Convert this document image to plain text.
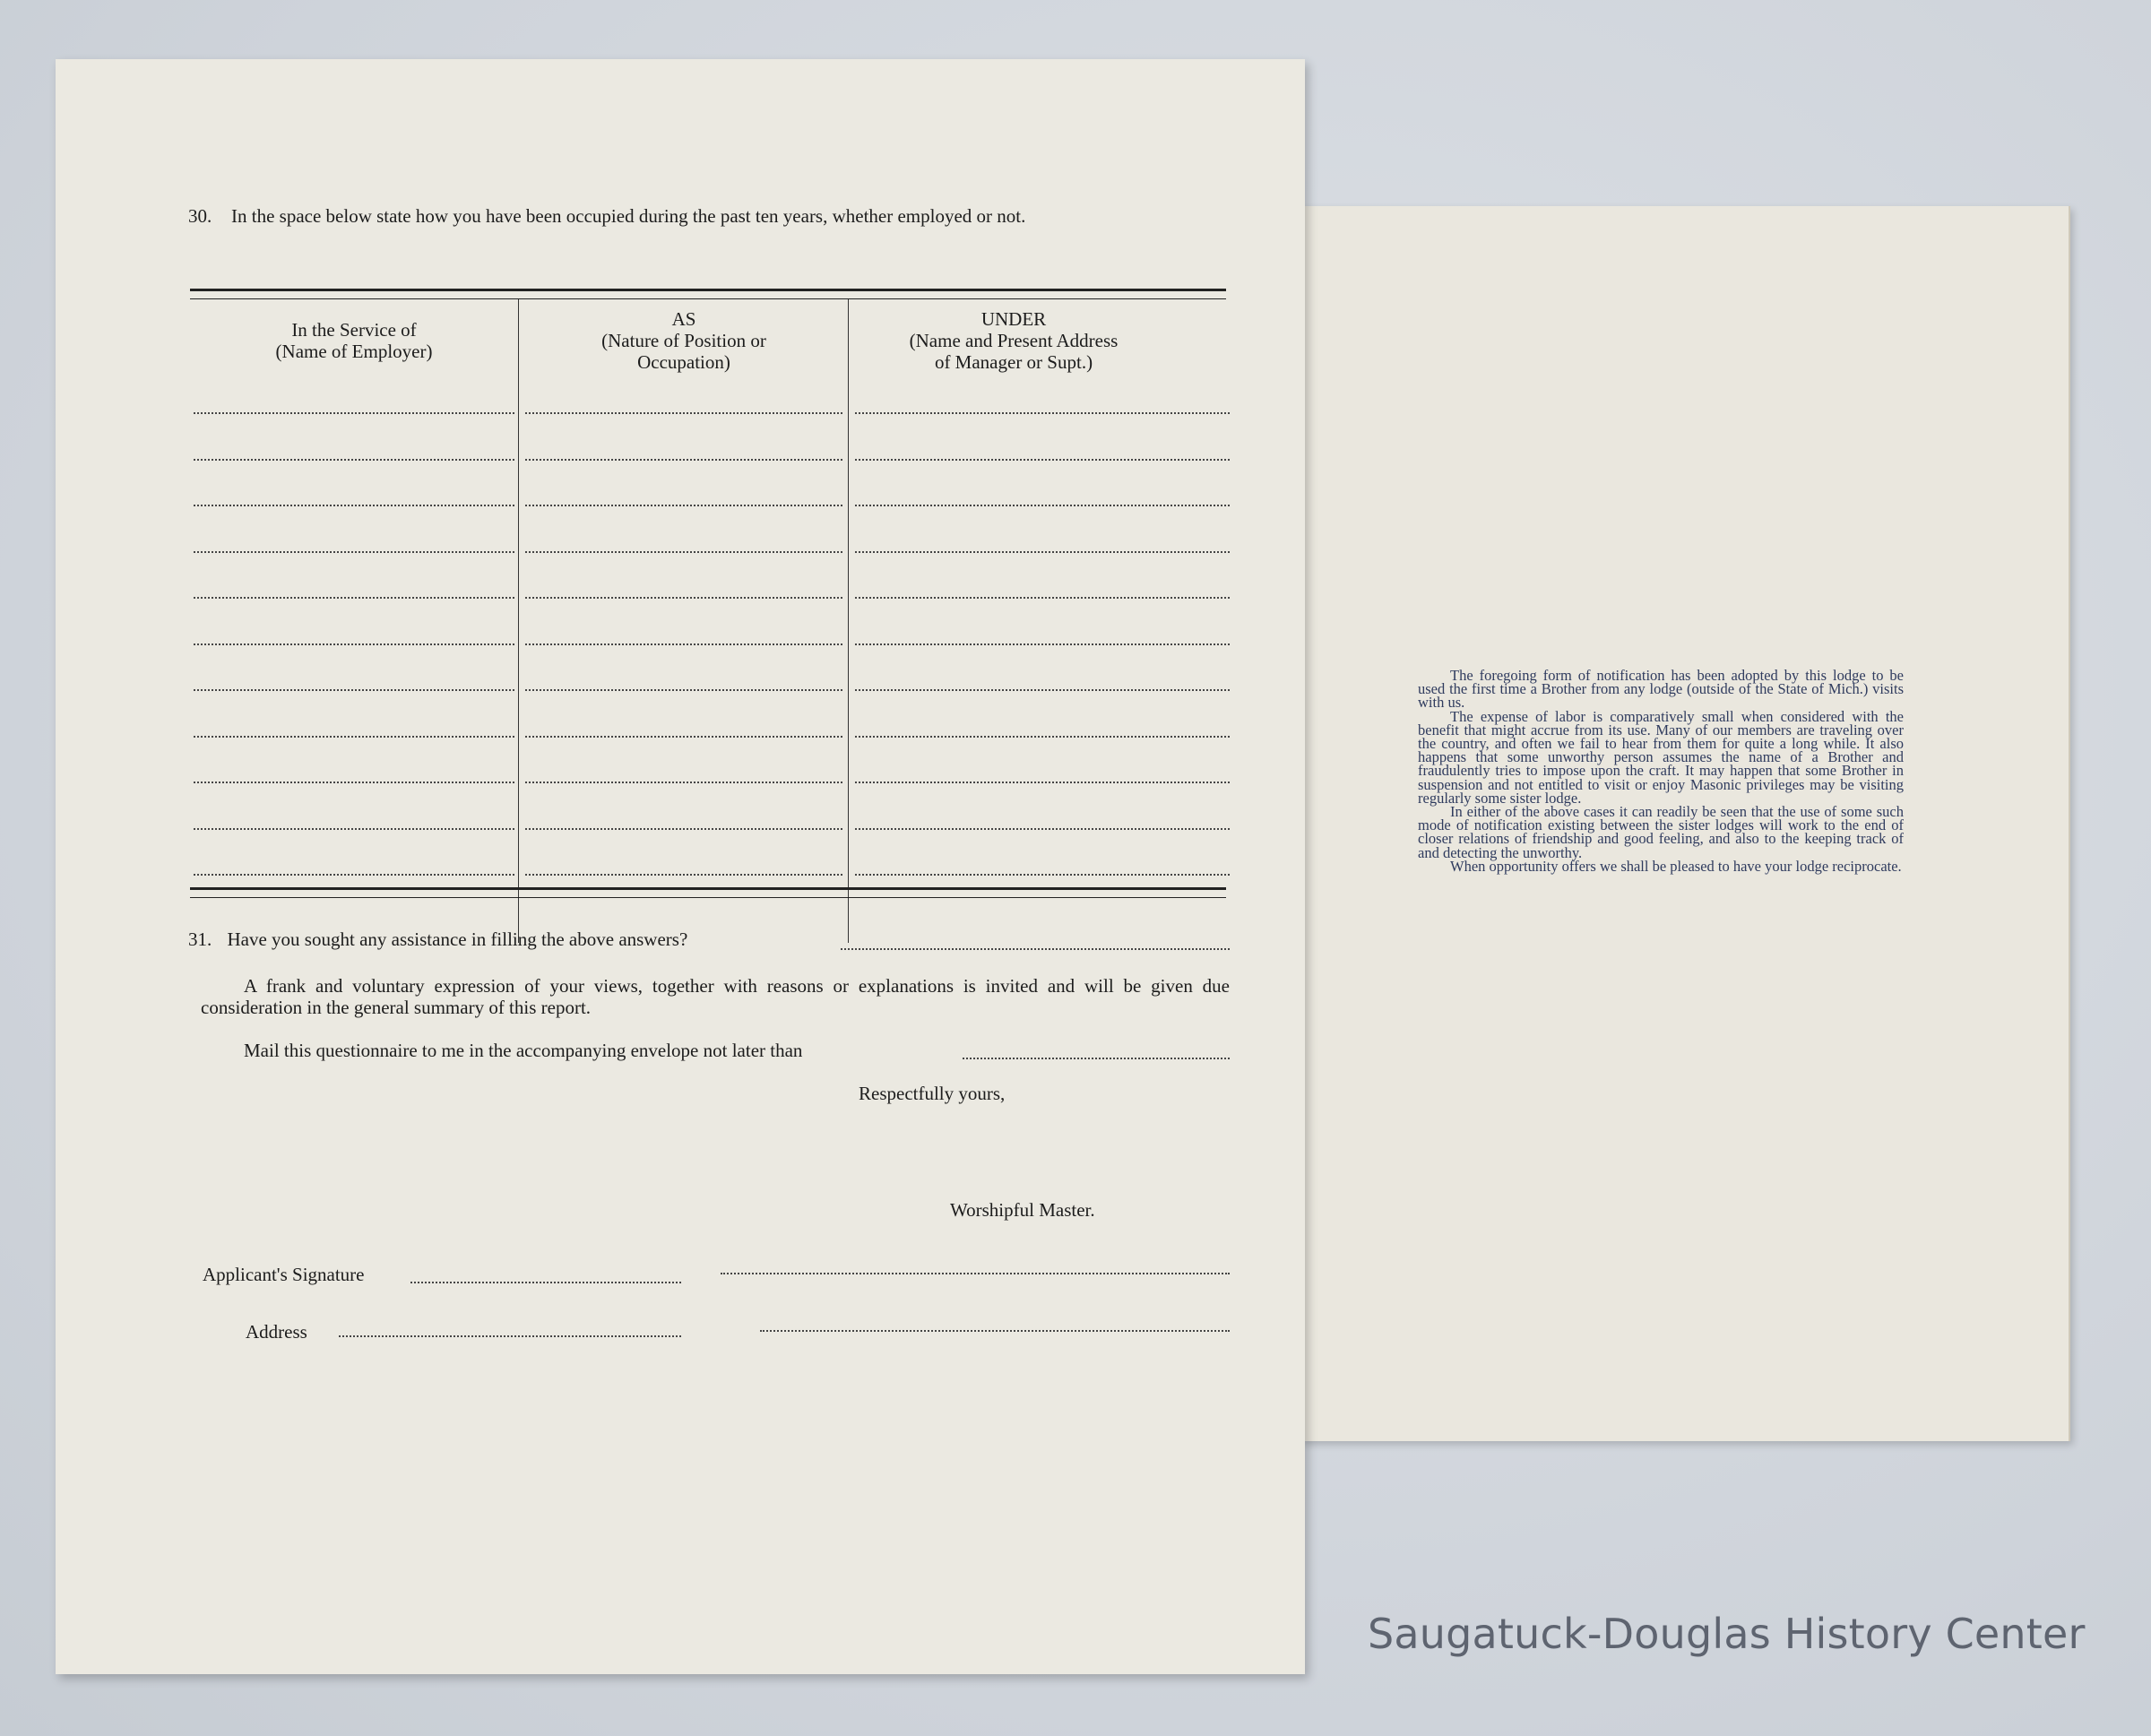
The foregoing form of notification has been adopted by this lodge to be used the first time a Brother from any lodge (outside of the State of Mich.) visits with us.

The expense of labor is comparatively small when considered with the benefit that might accrue from its use. Many of our members are traveling over the country, and often we fail to hear from them for quite a long while. It also happens that some unworthy person assumes the name of a Brother and fraudulently tries to impose upon the craft. It may happen that some Brother in suspension and not entitled to visit or enjoy Masonic privileges may be visiting regularly some sister lodge.

In either of the above cases it can readily be seen that the use of some such mode of notification existing between the sister lodges will work to the end of closer relations of friendship and good feeling, and also to the keeping track of and detecting the unworthy.

When opportunity offers we shall be pleased to have your lodge reciprocate.

30. In the space below state how you have been occupied during the past ten years, whether employed or not.
In the Service of
(Name of Employer)
AS
(Nature of Position or
Occupation)
UNDER
(Name and Present Address
of Manager or Supt.)
31. Have you sought any assistance in filling the above answers?
A frank and voluntary expression of your views, together with reasons or explanations is invited and will be given due consideration in the general summary of this report.
Mail this questionnaire to me in the accompanying envelope not later than
Respectfully yours,
Worshipful Master.
Applicant's Signature
Address
Saugatuck-Douglas History Center
